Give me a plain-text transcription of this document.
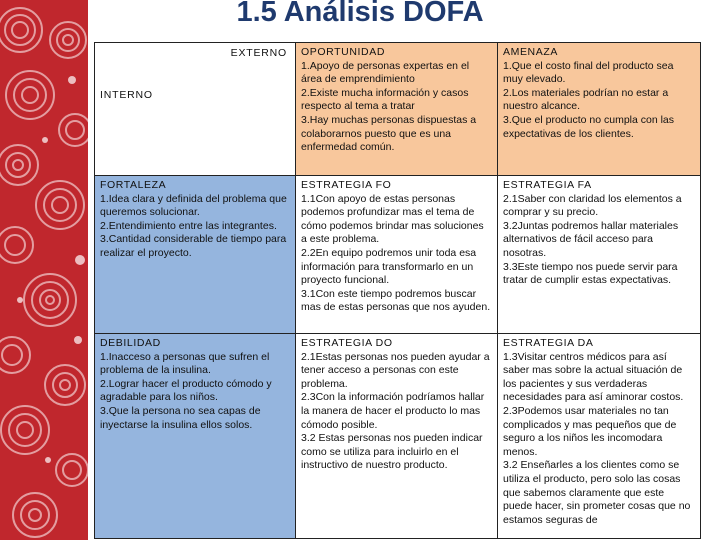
1.5 Análisis DOFA
EXTERNO
INTERNO
OPORTUNIDAD
1.Apoyo de personas expertas en el área de emprendimiento
2.Existe mucha información y casos respecto al tema a tratar
3.Hay muchas personas dispuestas a colaborarnos puesto que es una enfermedad común.
AMENAZA
1.Que el costo final del producto sea muy elevado.
2.Los materiales podrían no estar a nuestro alcance.
3.Que el producto no cumpla con las expectativas de los clientes.
FORTALEZA
1.Idea clara y definida del problema que queremos solucionar.
2.Entendimiento entre las integrantes.
3.Cantidad considerable de tiempo para realizar el proyecto.
ESTRATEGIA FO
1.1Con apoyo de estas personas podemos profundizar mas el tema de cómo podemos brindar mas soluciones a este problema.
2.2En equipo podremos unir toda esa información para transformarlo en un proyecto funcional.
3.1Con este tiempo podremos buscar mas de estas personas que nos ayuden.
ESTRATEGIA FA
2.1Saber con claridad los elementos a comprar y su precio.
3.2Juntas podremos hallar materiales alternativos de fácil acceso para nosotras.
3.3Este tiempo nos puede servir para tratar de cumplir estas expectativas.
DEBILIDAD
1.Inacceso a personas que sufren el problema de la insulina.
2.Lograr hacer el producto cómodo y agradable para los niños.
3.Que la persona no sea capas de inyectarse la insulina ellos solos.
ESTRATEGIA DO
2.1Estas personas nos pueden ayudar a tener acceso a personas con este problema.
2.3Con la información podríamos hallar la manera de hacer el producto lo mas cómodo posible.
3.2 Estas personas nos pueden indicar como se utiliza para incluirlo en el instructivo de nuestro producto.
ESTRATEGIA DA
1.3Visitar centros médicos para así saber mas sobre la actual situación de los pacientes y sus verdaderas necesidades para así aminorar costos.
2.3Podemos usar materiales no tan complicados y mas pequeños que de seguro a los niños les incomodara menos.
3.2 Enseñarles a los clientes como se utiliza el producto, pero solo las cosas que sabemos claramente que este puede hacer, sin prometer cosas que no estamos seguras de
